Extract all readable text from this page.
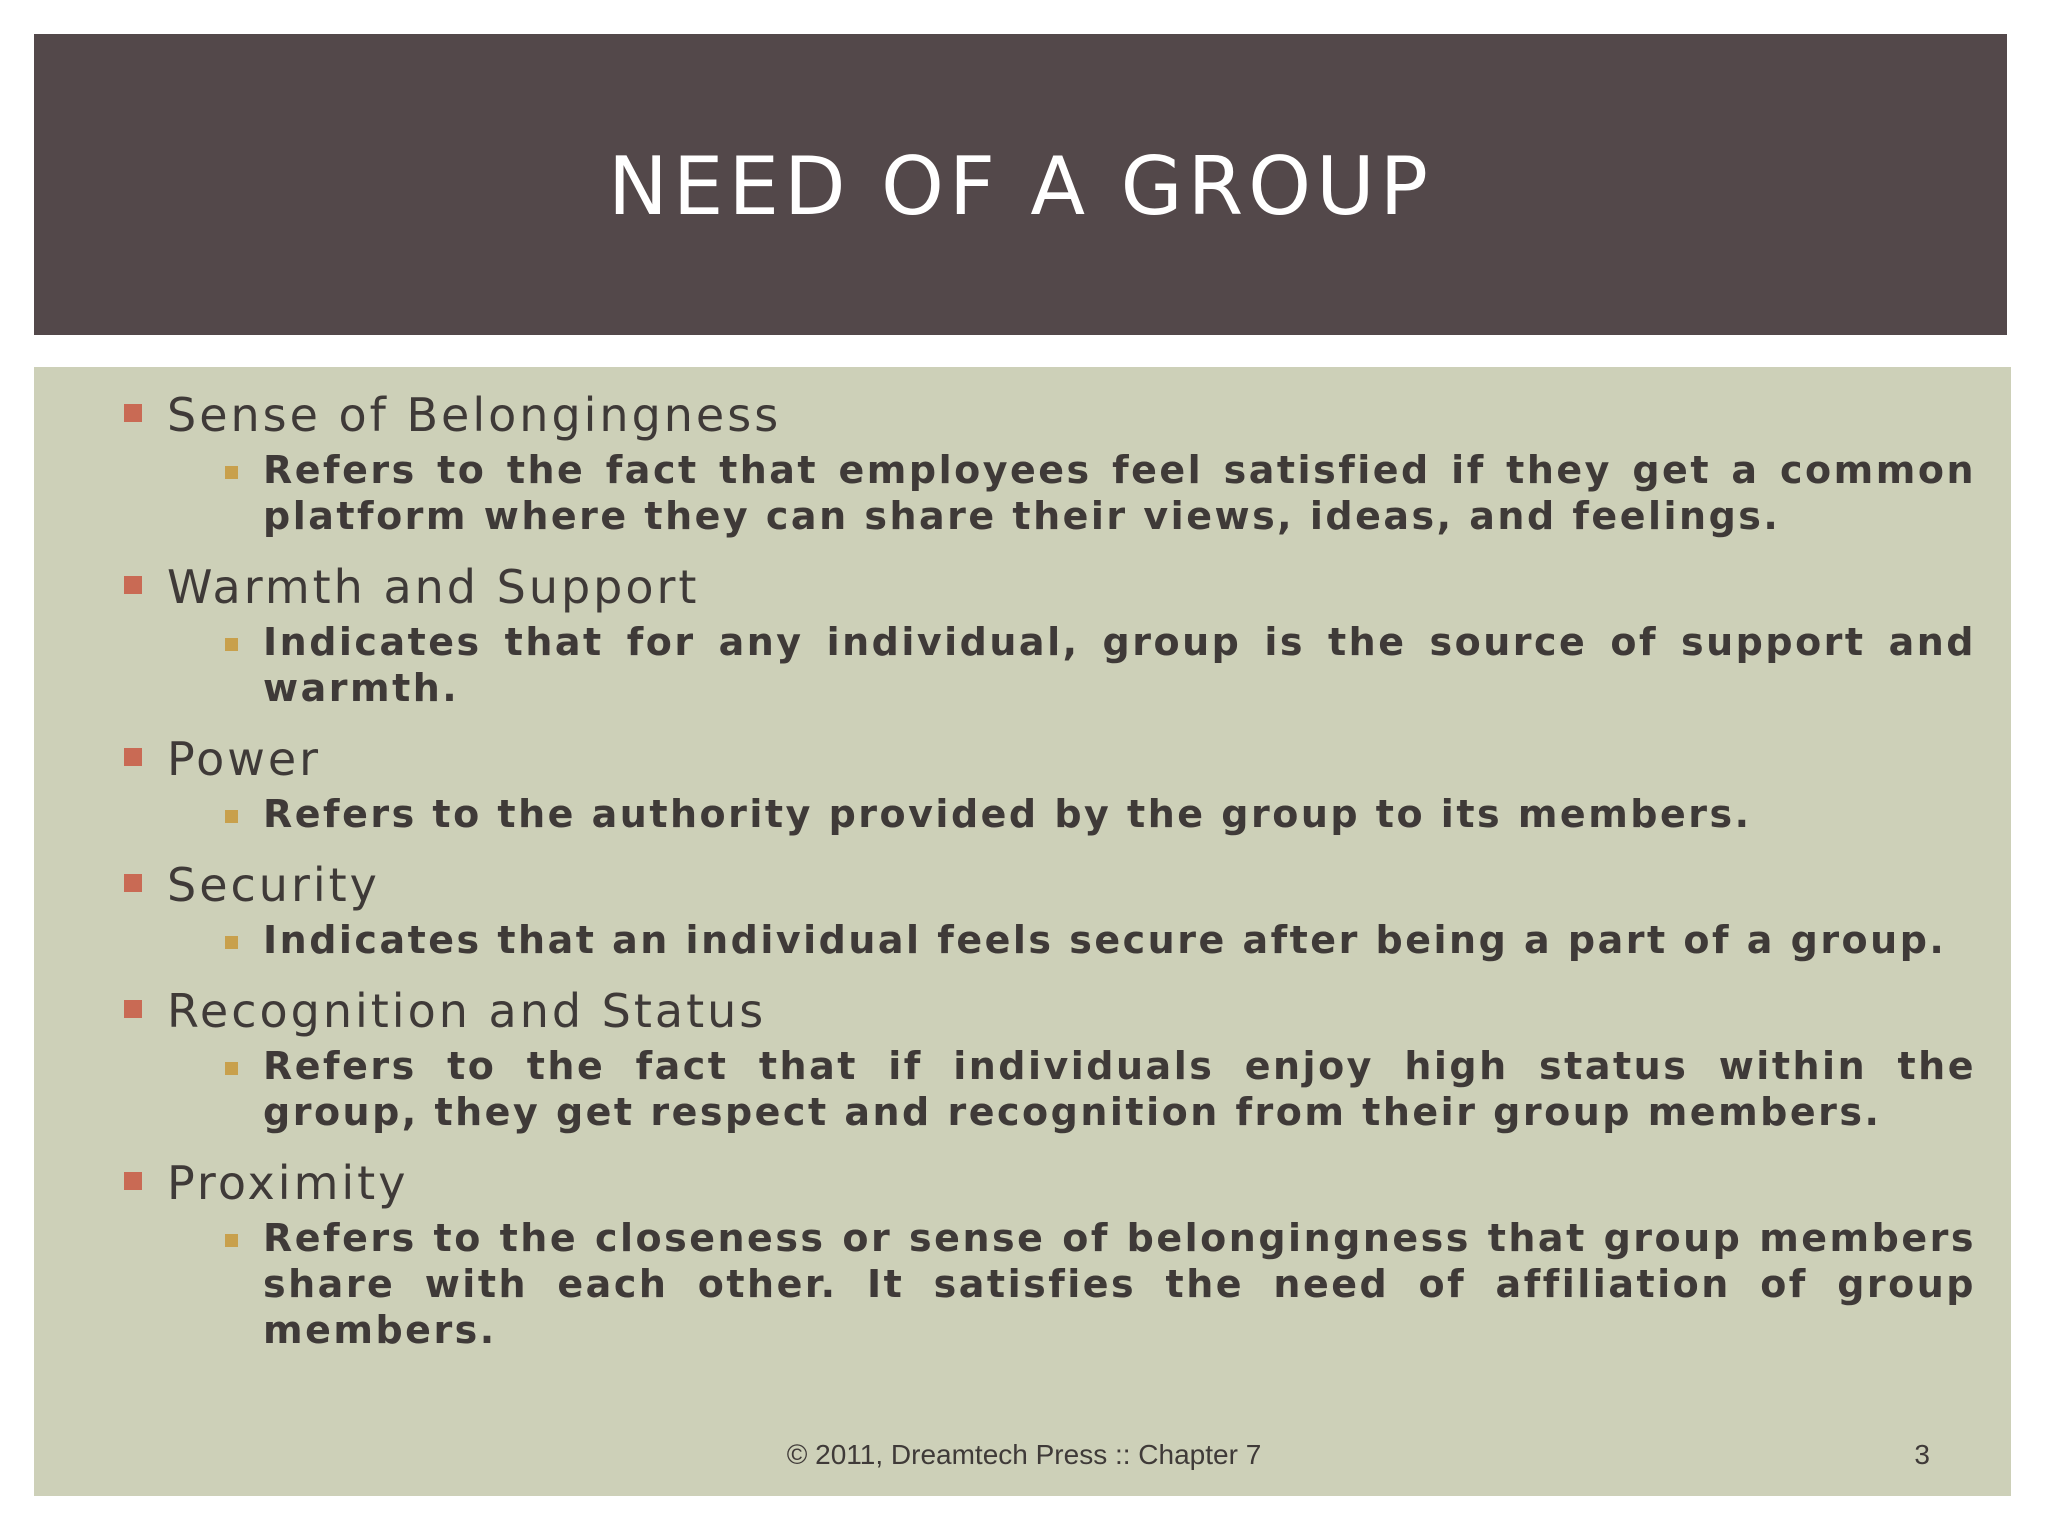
NEED OF A GROUP
Sense of Belongingness
Refers to the fact that employees feel satisfied if they get a common platform where they can share their views, ideas, and feelings.
Warmth and Support
Indicates that for any individual, group is the source of support and warmth.
Power
Refers to the authority provided by the group to its members.
Security
Indicates that an individual feels secure after being a part of a group.
Recognition and Status
Refers to the fact that if individuals enjoy high status within the group, they get respect and recognition from their group members.
Proximity
Refers to the closeness or sense of belongingness that group members share with each other. It satisfies the need of affiliation of group members.
© 2011, Dreamtech Press :: Chapter 7	3
